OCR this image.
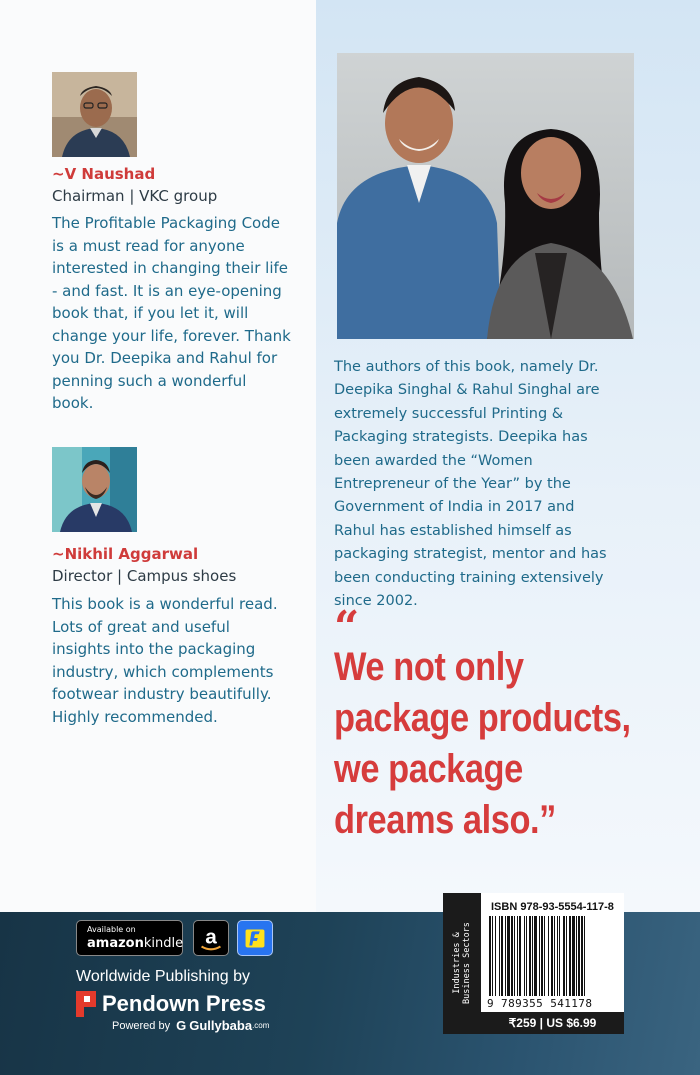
~V Naushad
Chairman | VKC group
The Profitable Packaging Code
is a must read for anyone
interested in changing their life
- and fast. It is an eye-opening
book that, if you let it, will
change your life, forever. Thank
you Dr. Deepika and Rahul for
penning such a wonderful
book.
~Nikhil Aggarwal
Director | Campus shoes
This book is a wonderful read.
Lots of great and useful
insights into the packaging
industry, which complements
footwear industry beautifully.
Highly recommended.
The authors of this book, namely Dr.
Deepika Singhal & Rahul Singhal are
extremely successful Printing &
Packaging strategists. Deepika has
been awarded the “Women
Entrepreneur of the Year” by the
Government of India in 2017 and
Rahul has established himself as
packaging strategist, mentor and has
been conducting training extensively
since 2002.
“
We not only
package products,
we package
dreams also.”
Available on
amazonkindle a
Worldwide Publishing by
Pendown Press
Powered by G Gullybaba .com
Industries & Business Sectors
ISBN 978-93-5554-117-8
9 789355 541178
₹259 | US $6.99
